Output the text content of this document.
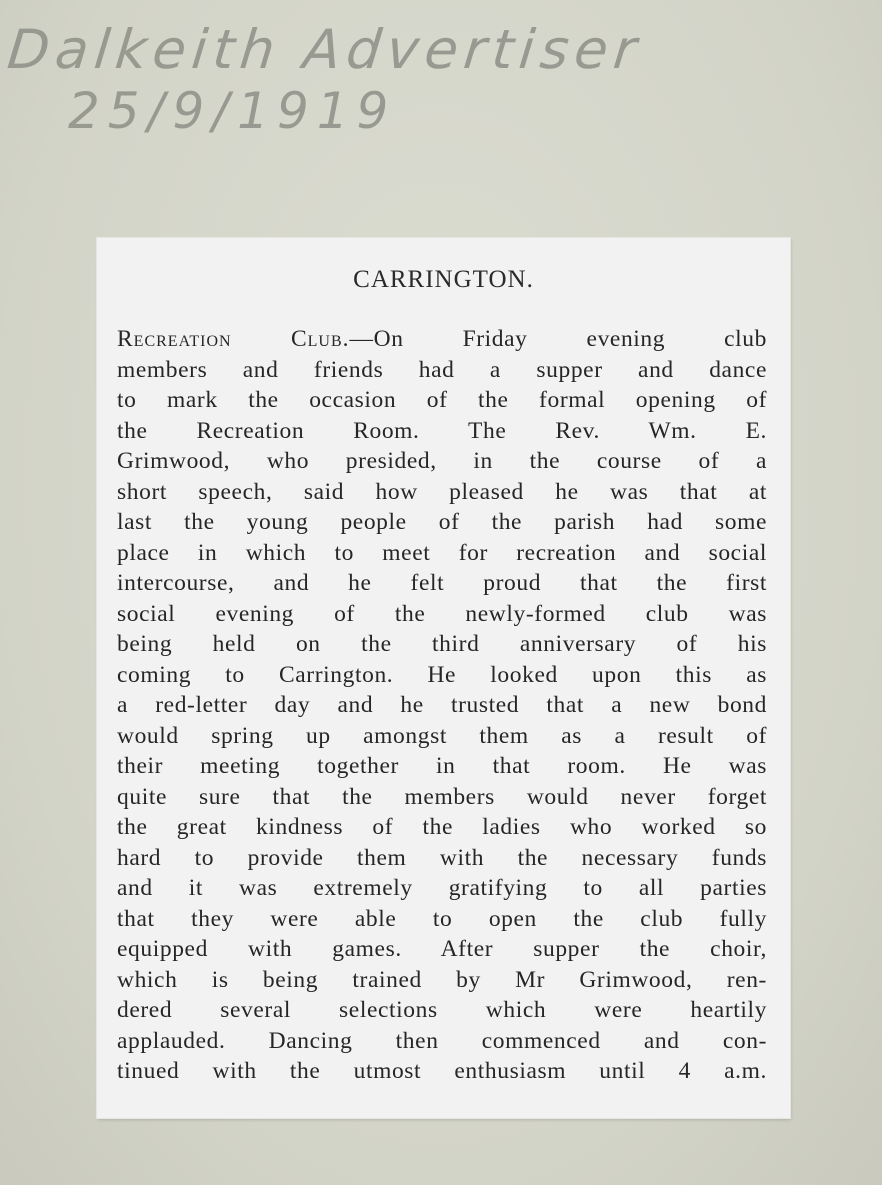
Dalkeith Advertiser
25/9/1919
CARRINGTON.
Recreation Club.—On Friday evening club
members and friends had a supper and dance
to mark the occasion of the formal opening of
the Recreation Room. The Rev. Wm. E.
Grimwood, who presided, in the course of a
short speech, said how pleased he was that at
last the young people of the parish had some
place in which to meet for recreation and social
intercourse, and he felt proud that the first
social evening of the newly-formed club was
being held on the third anniversary of his
coming to Carrington. He looked upon this as
a red-letter day and he trusted that a new bond
would spring up amongst them as a result of
their meeting together in that room. He was
quite sure that the members would never forget
the great kindness of the ladies who worked so
hard to provide them with the necessary funds
and it was extremely gratifying to all parties
that they were able to open the club fully
equipped with games. After supper the choir,
which is being trained by Mr Grimwood, ren-
dered several selections which were heartily
applauded. Dancing then commenced and con-
tinued with the utmost enthusiasm until 4 a.m.
